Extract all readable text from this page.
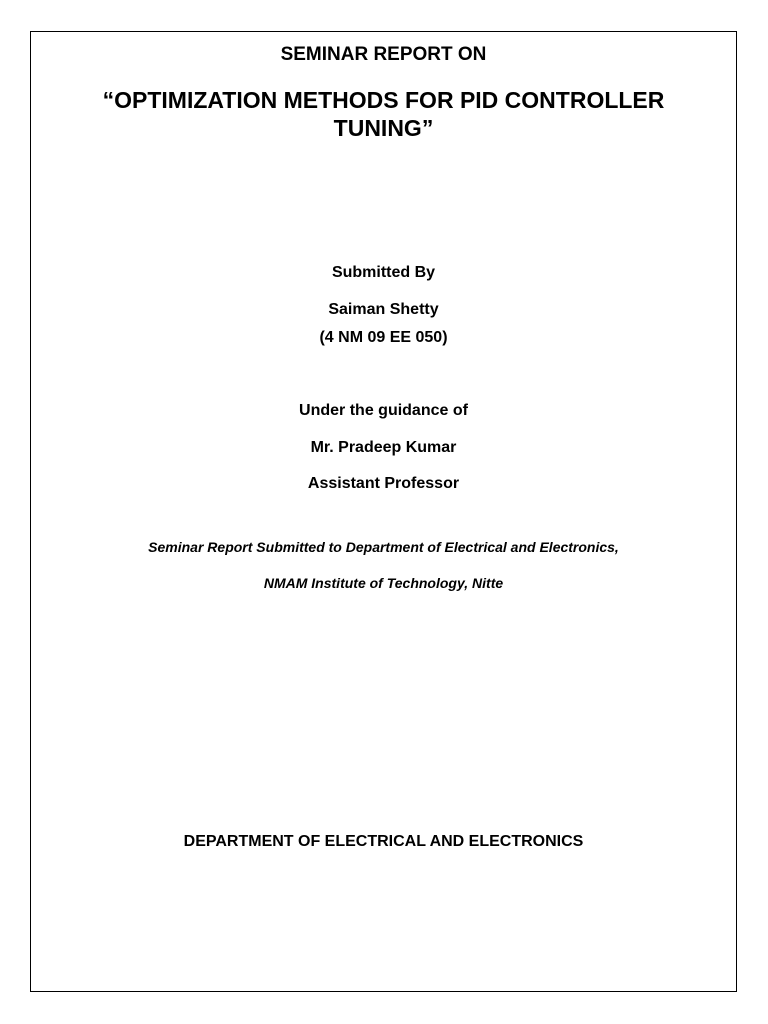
SEMINAR REPORT ON
“OPTIMIZATION METHODS FOR PID CONTROLLER TUNING”
Submitted By
Saiman Shetty
(4 NM 09 EE 050)
Under the guidance of
Mr. Pradeep Kumar
Assistant Professor
Seminar Report Submitted to Department of Electrical and Electronics,
NMAM Institute of Technology, Nitte
DEPARTMENT OF ELECTRICAL AND ELECTRONICS
